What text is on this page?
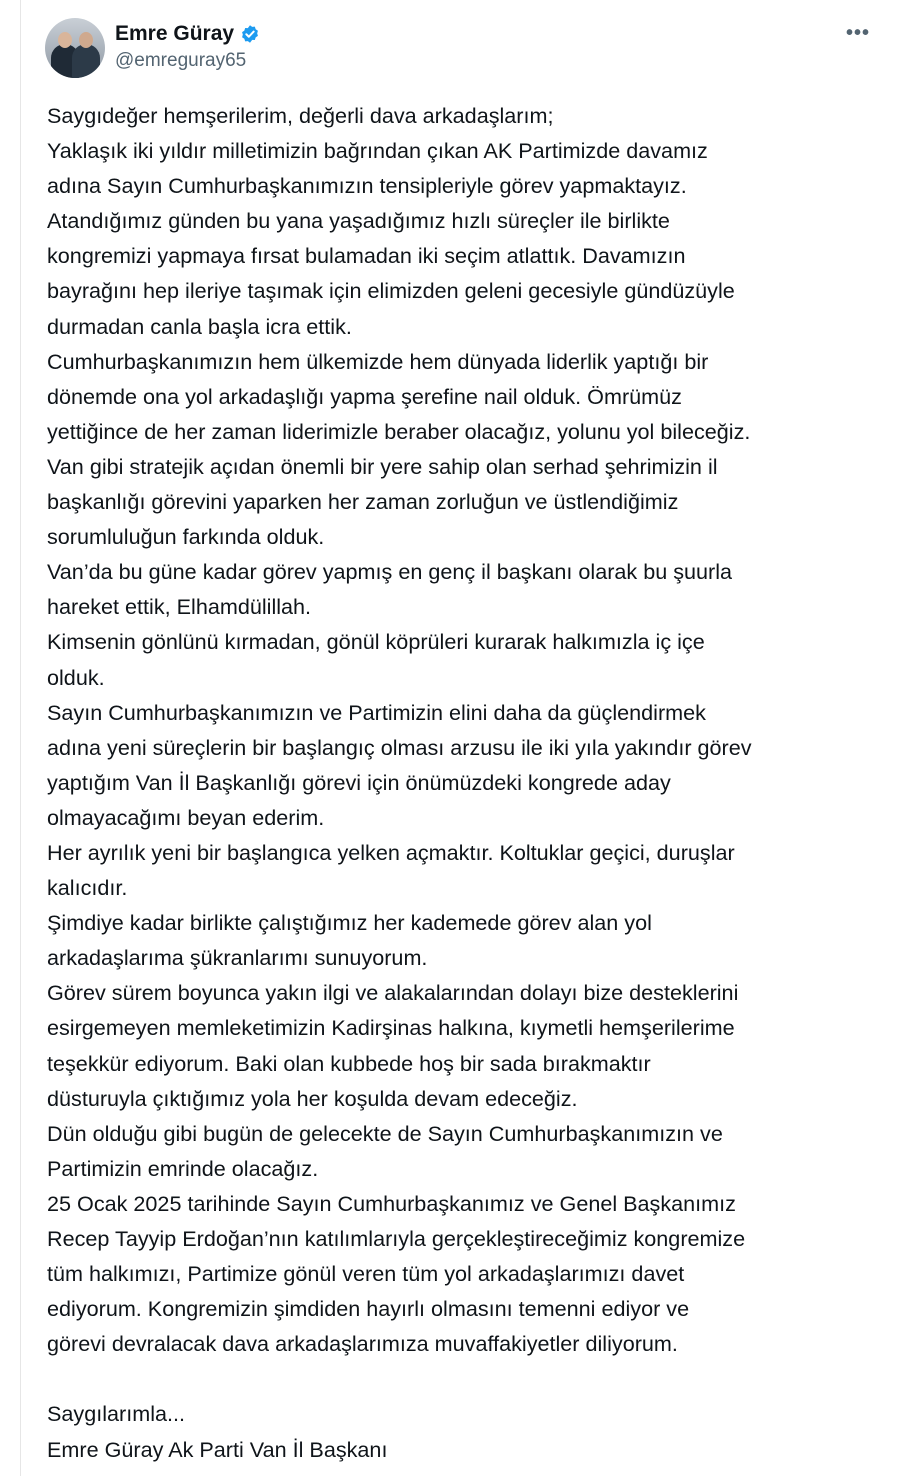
Emre Güray
@emreguray65
•••
Saygıdeğer hemşerilerim, değerli dava arkadaşlarım;
Yaklaşık iki yıldır milletimizin bağrından çıkan AK Partimizde davamız
adına Sayın Cumhurbaşkanımızın tensipleriyle görev yapmaktayız.
Atandığımız günden bu yana yaşadığımız hızlı süreçler ile birlikte
kongremizi yapmaya fırsat bulamadan iki seçim atlattık. Davamızın
bayrağını hep ileriye taşımak için elimizden geleni gecesiyle gündüzüyle
durmadan canla başla icra ettik.
Cumhurbaşkanımızın hem ülkemizde hem dünyada liderlik yaptığı bir
dönemde ona yol arkadaşlığı yapma şerefine nail olduk. Ömrümüz
yettiğince de her zaman liderimizle beraber olacağız, yolunu yol bileceğiz.
Van gibi stratejik açıdan önemli bir yere sahip olan serhad şehrimizin il
başkanlığı görevini yaparken her zaman zorluğun ve üstlendiğimiz
sorumluluğun farkında olduk.
Van’da bu güne kadar görev yapmış en genç il başkanı olarak bu şuurla
hareket ettik, Elhamdülillah.
Kimsenin gönlünü kırmadan, gönül köprüleri kurarak halkımızla iç içe
olduk.
Sayın Cumhurbaşkanımızın ve Partimizin elini daha da güçlendirmek
adına yeni süreçlerin bir başlangıç olması arzusu ile iki yıla yakındır görev
yaptığım Van İl Başkanlığı görevi için önümüzdeki kongrede aday
olmayacağımı beyan ederim.
Her ayrılık yeni bir başlangıca yelken açmaktır. Koltuklar geçici, duruşlar
kalıcıdır.
Şimdiye kadar birlikte çalıştığımız her kademede görev alan yol
arkadaşlarıma şükranlarımı sunuyorum.
Görev sürem boyunca yakın ilgi ve alakalarından dolayı bize desteklerini
esirgemeyen memleketimizin Kadirşinas halkına, kıymetli hemşerilerime
teşekkür ediyorum. Baki olan kubbede hoş bir sada bırakmaktır
düsturuyla çıktığımız yola her koşulda devam edeceğiz.
Dün olduğu gibi bugün de gelecekte de Sayın Cumhurbaşkanımızın ve
Partimizin emrinde olacağız.
25 Ocak 2025 tarihinde Sayın Cumhurbaşkanımız ve Genel Başkanımız
Recep Tayyip Erdoğan’nın katılımlarıyla gerçekleştireceğimiz kongremize
tüm halkımızı, Partimize gönül veren tüm yol arkadaşlarımızı davet
ediyorum. Kongremizin şimdiden hayırlı olmasını temenni ediyor ve
görevi devralacak dava arkadaşlarımıza muvaffakiyetler diliyorum.
Saygılarımla...
Emre Güray Ak Parti Van İl Başkanı
